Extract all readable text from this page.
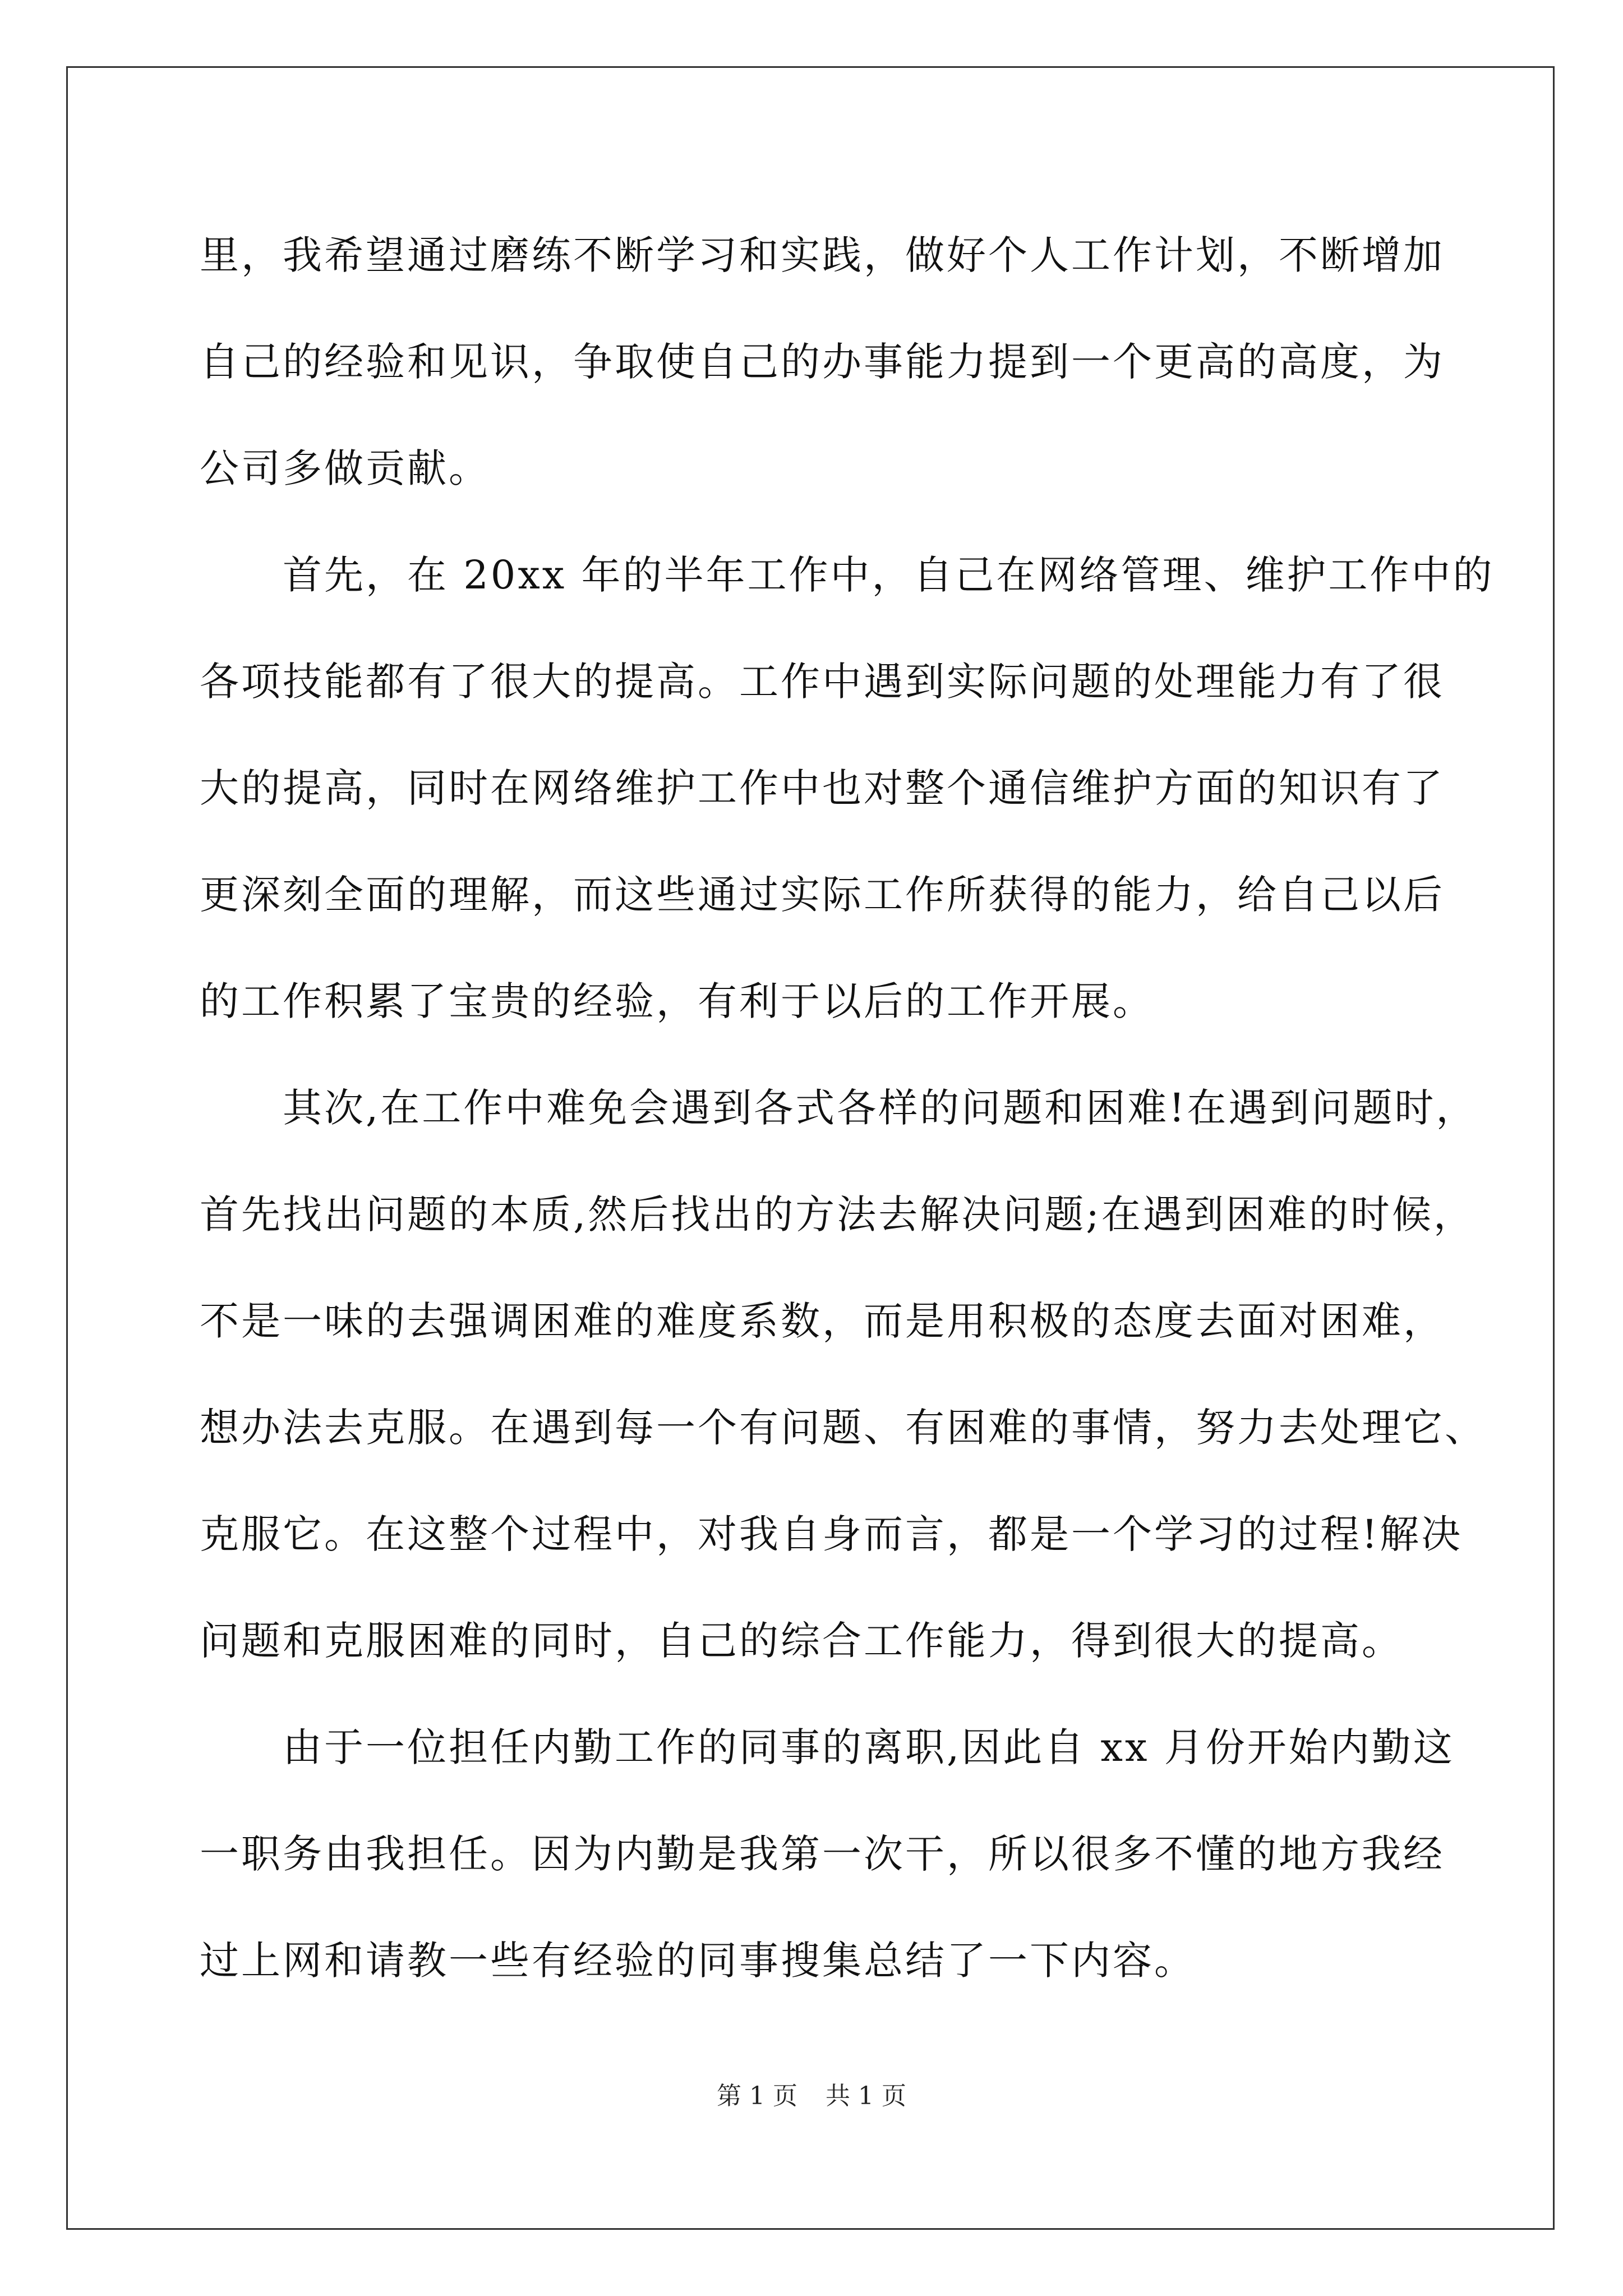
里，我希望通过磨练不断学习和实践，做好个人工作计划，不断增加
自己的经验和见识，争取使自己的办事能力提到一个更高的高度，为
公司多做贡献。
　　首先，在 20xx 年的半年工作中，自己在网络管理、维护工作中的
各项技能都有了很大的提高。工作中遇到实际问题的处理能力有了很
大的提高，同时在网络维护工作中也对整个通信维护方面的知识有了
更深刻全面的理解，而这些通过实际工作所获得的能力，给自己以后
的工作积累了宝贵的经验，有利于以后的工作开展。
　　其次,在工作中难免会遇到各式各样的问题和困难!在遇到问题时，
首先找出问题的本质,然后找出的方法去解决问题;在遇到困难的时候，
不是一味的去强调困难的难度系数，而是用积极的态度去面对困难，
想办法去克服。在遇到每一个有问题、有困难的事情，努力去处理它、
克服它。在这整个过程中，对我自身而言，都是一个学习的过程!解决
问题和克服困难的同时，自己的综合工作能力，得到很大的提高。
　　由于一位担任内勤工作的同事的离职,因此自 xx 月份开始内勤这
一职务由我担任。因为内勤是我第一次干，所以很多不懂的地方我经
过上网和请教一些有经验的同事搜集总结了一下内容。
第 1 页 共 1 页
